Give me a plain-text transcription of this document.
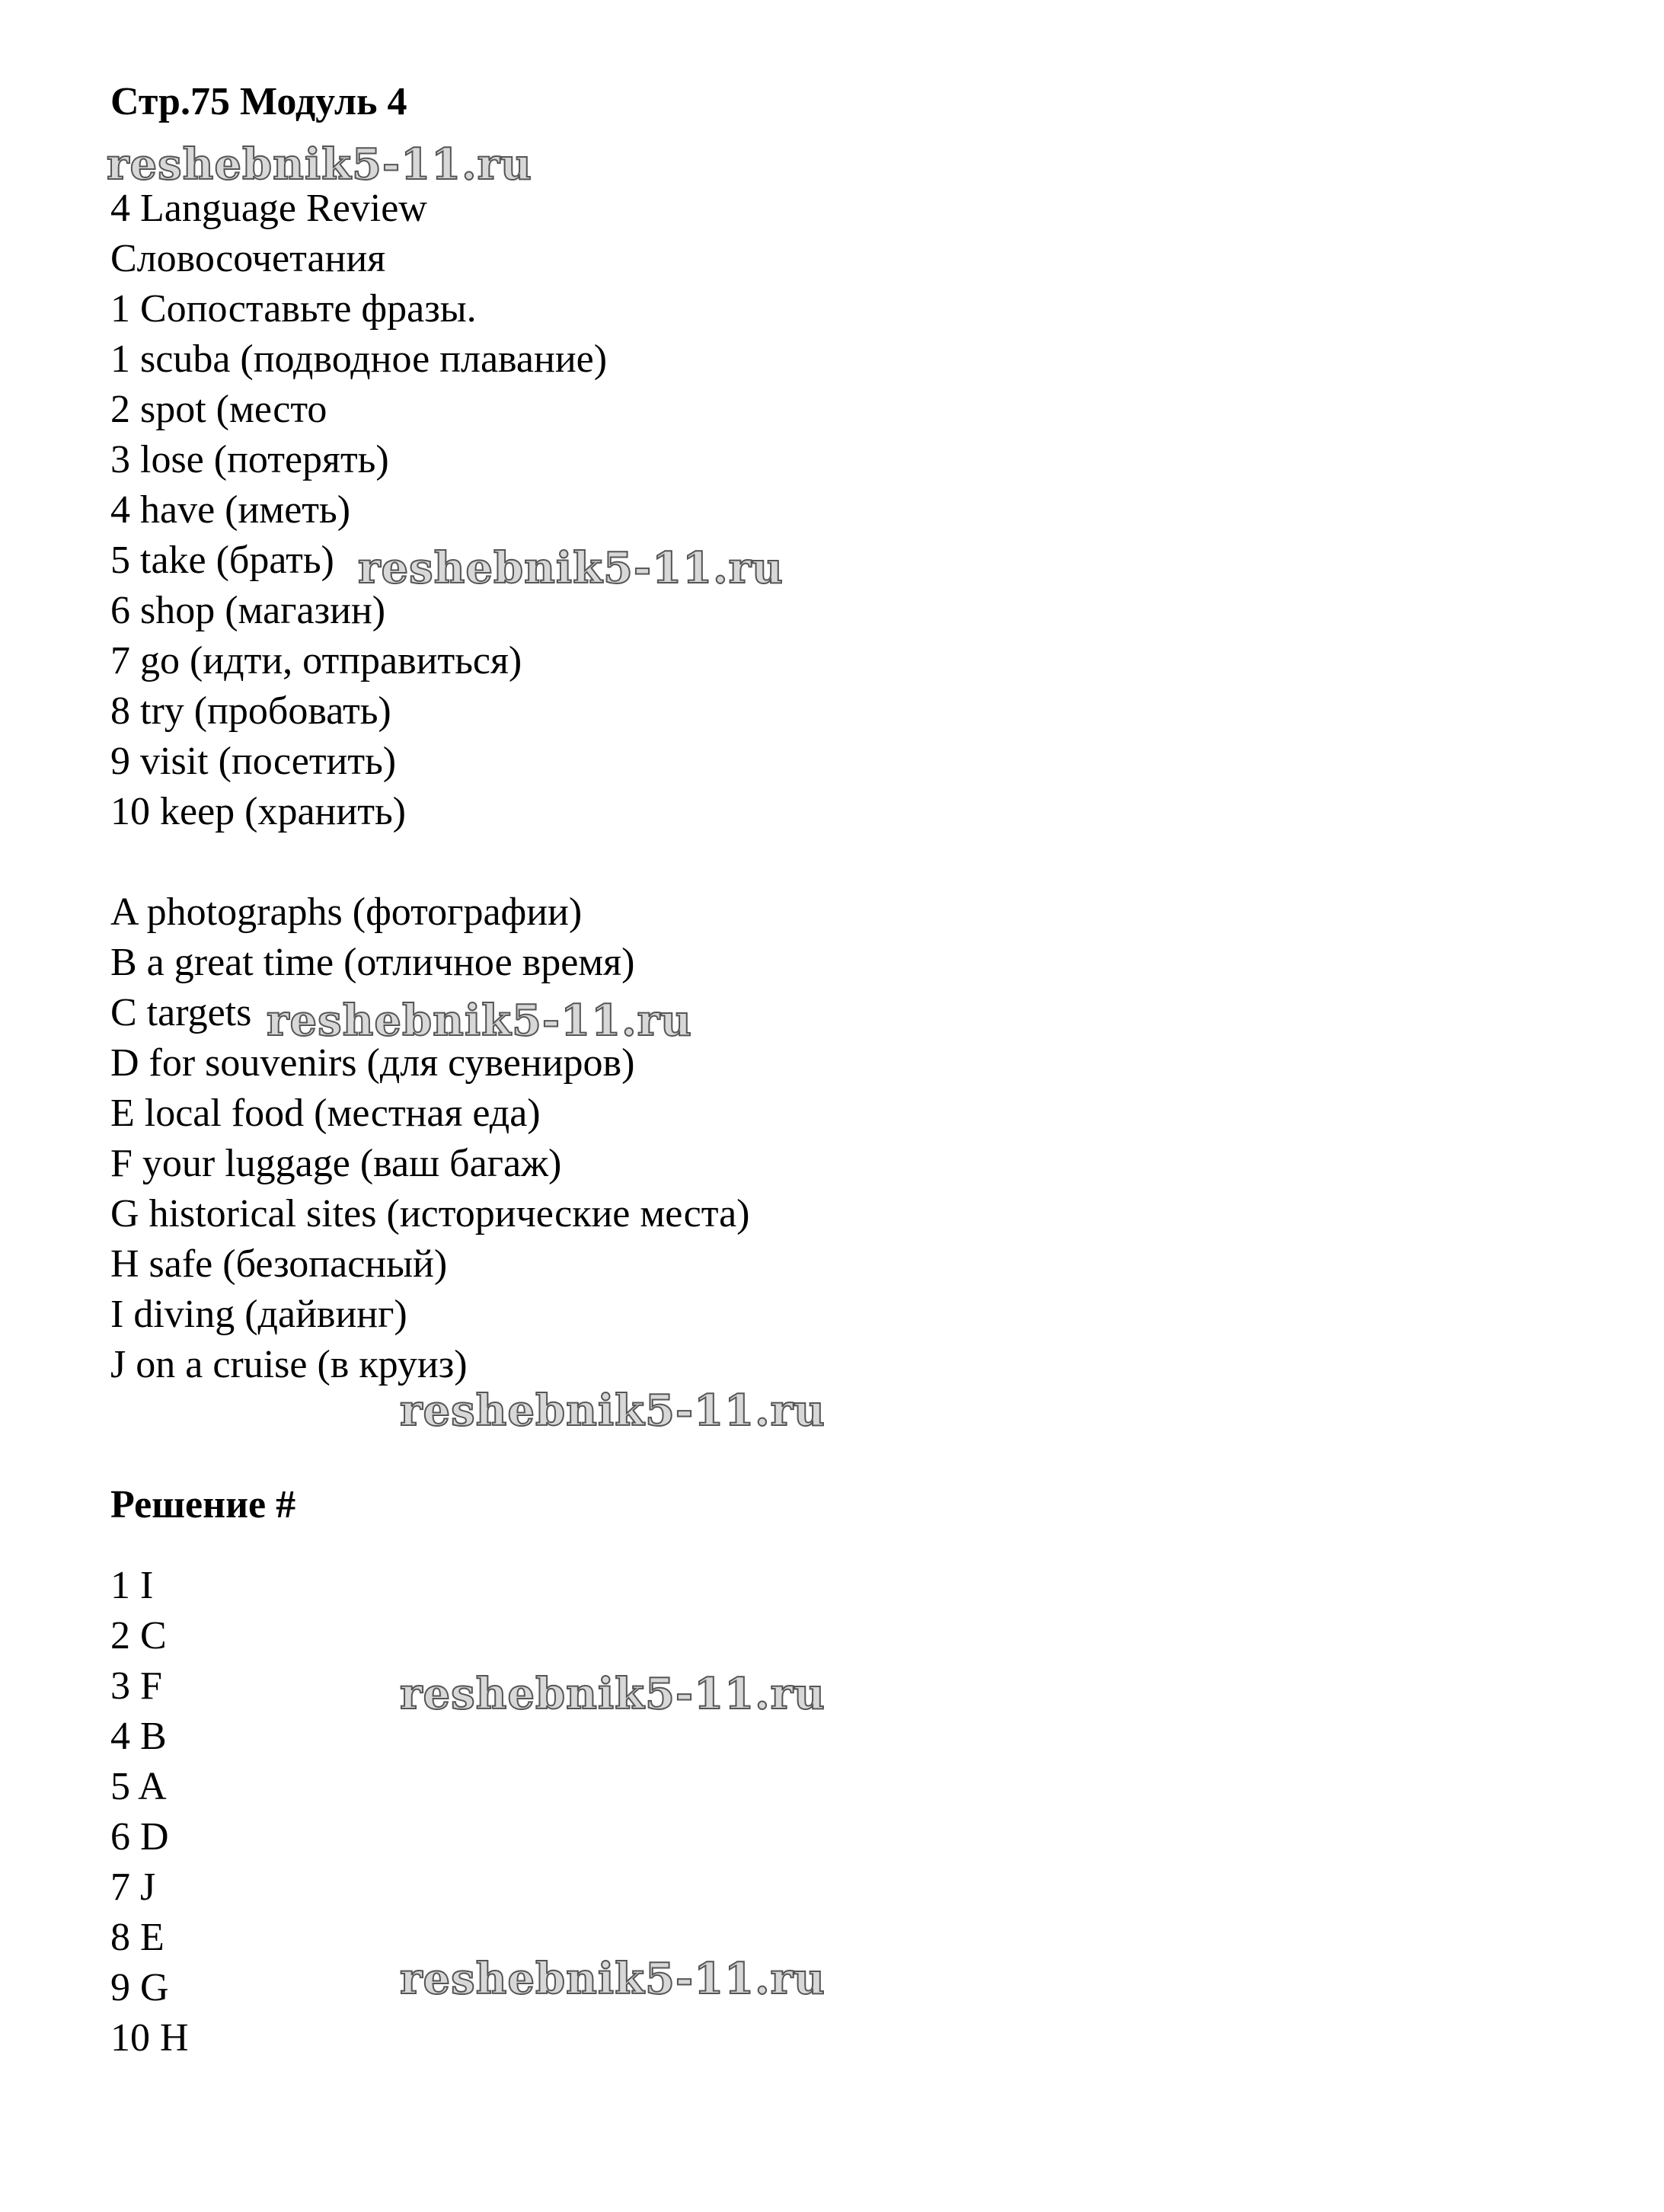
Стр.75 Модуль 4
reshebnik5-11.ru
4 Language Review
Словосочетания
1 Сопоставьте фразы.
1 scuba (подводное плавание)
2 spot (место
3 lose (потерять)
4 have (иметь)
5 take (брать)
6 shop (магазин)
7 go (идти, отправиться)
8 try (пробовать)
9 visit (посетить)
10 keep (хранить)
reshebnik5-11.ru
A photographs (фотографии)
B a great time (отличное время)
C targets
D for souvenirs (для сувениров)
E local food (местная еда)
F your luggage (ваш багаж)
G historical sites (исторические места)
H safe (безопасный)
I diving (дайвинг)
J on a cruise (в круиз)
reshebnik5-11.ru
reshebnik5-11.ru
Решение #
1 I
2 C
3 F
4 B
5 A
6 D
7 J
8 E
9 G
10 H
reshebnik5-11.ru
reshebnik5-11.ru
